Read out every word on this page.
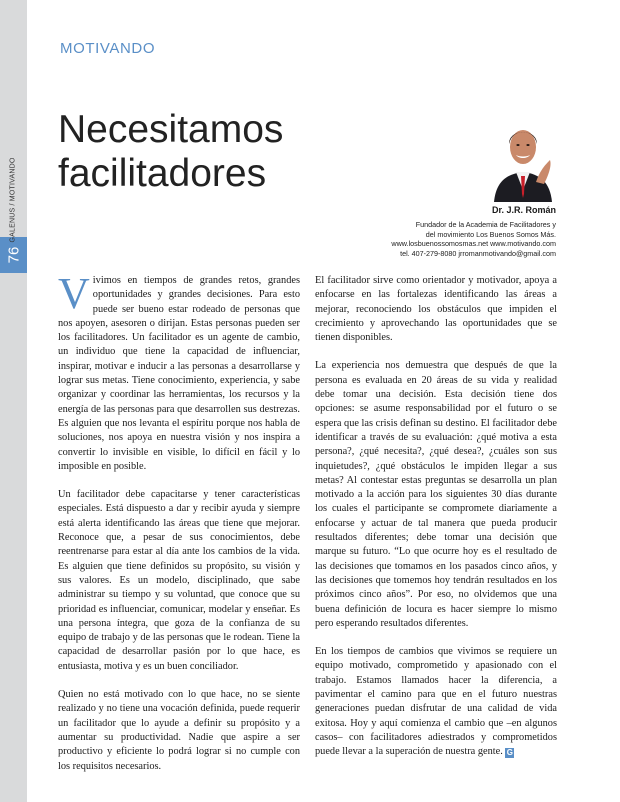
76
GALENUS / MOTIVANDO
MOTIVANDO
Necesitamos
facilitadores
Dr. J.R. Román
Fundador de la Academia de Facilitadores y
del movimiento Los Buenos Somos Más.
www.losbuenossomosmas.net www.motivando.com
tel. 407-279-8080 jrromanmotivando@gmail.com

Vivimos en tiempos de grandes retos, grandes oportunidades y grandes decisiones. Para esto puede ser bueno estar rodeado de personas que nos apoyen, asesoren o dirijan. Estas personas pueden ser los facilitadores. Un facilitador es un agente de cambio, un individuo que tiene la capacidad de influenciar, inspirar, motivar e inducir a las personas a desarrollarse y lograr sus metas. Tiene conocimiento, experiencia, y sabe organizar y coordinar las herramientas, los recursos y la energía de las personas para que desarrollen sus destrezas. Es alguien que nos levanta el espíritu porque nos habla de soluciones, nos apoya en nuestra visión y nos inspira a convertir lo invisible en visible, lo difícil en fácil y lo imposible en posible.

Un facilitador debe capacitarse y tener características especiales. Está dispuesto a dar y recibir ayuda y siempre está alerta identificando las áreas que tiene que mejorar. Reconoce que, a pesar de sus conocimientos, debe reentrenarse para estar al día ante los cambios de la vida. Es alguien que tiene definidos su propósito, su visión y sus valores. Es un modelo, disciplinado, que sabe administrar su tiempo y su voluntad, que conoce que su prioridad es influenciar, comunicar, modelar y enseñar. Es una persona íntegra, que goza de la confianza de su equipo de trabajo y de las personas que le rodean. Tiene la capacidad de desarrollar pasión por lo que hace, es entusiasta, motiva y es un buen conciliador.

Quien no está motivado con lo que hace, no se siente realizado y no tiene una vocación definida, puede requerir un facilitador que lo ayude a definir su propósito y a aumentar su productividad. Nadie que aspire a ser productivo y eficiente lo podrá lograr si no cumple con los requisitos necesarios.

El facilitador sirve como orientador y motivador, apoya a enfocarse en las fortalezas identificando las áreas a mejorar, reconociendo los obstáculos que impiden el crecimiento y aprovechando las oportunidades que se tienen disponibles.

La experiencia nos demuestra que después de que la persona es evaluada en 20 áreas de su vida y realidad debe tomar una decisión. Esta decisión tiene dos opciones: se asume responsabilidad por el futuro o se espera que las crisis definan su destino. El facilitador debe identificar a través de su evaluación: ¿qué motiva a esta persona?, ¿qué necesita?, ¿qué desea?, ¿cuáles son sus inquietudes?, ¿qué obstáculos le impiden llegar a sus metas? Al contestar estas preguntas se desarrolla un plan motivado a la acción para los siguientes 30 días durante los cuales el participante se compromete diariamente a enfocarse y actuar de tal manera que pueda producir resultados diferentes; debe tomar una decisión que marque su futuro. “Lo que ocurre hoy es el resultado de las decisiones que tomamos en los pasados cinco años, y las decisiones que tomemos hoy tendrán resultados en los próximos cinco años”. Por eso, no olvidemos que una buena definición de locura es hacer siempre lo mismo pero esperando resultados diferentes.

En los tiempos de cambios que vivimos se requiere un equipo motivado, comprometido y apasionado con el trabajo. Estamos llamados hacer la diferencia, a pavimentar el camino para que en el futuro nuestras generaciones puedan disfrutar de una calidad de vida exitosa. Hoy y aquí comienza el cambio que –en algunos casos– con facilitadores adiestrados y comprometidos puede llevar a la superación de nuestra gente. G
